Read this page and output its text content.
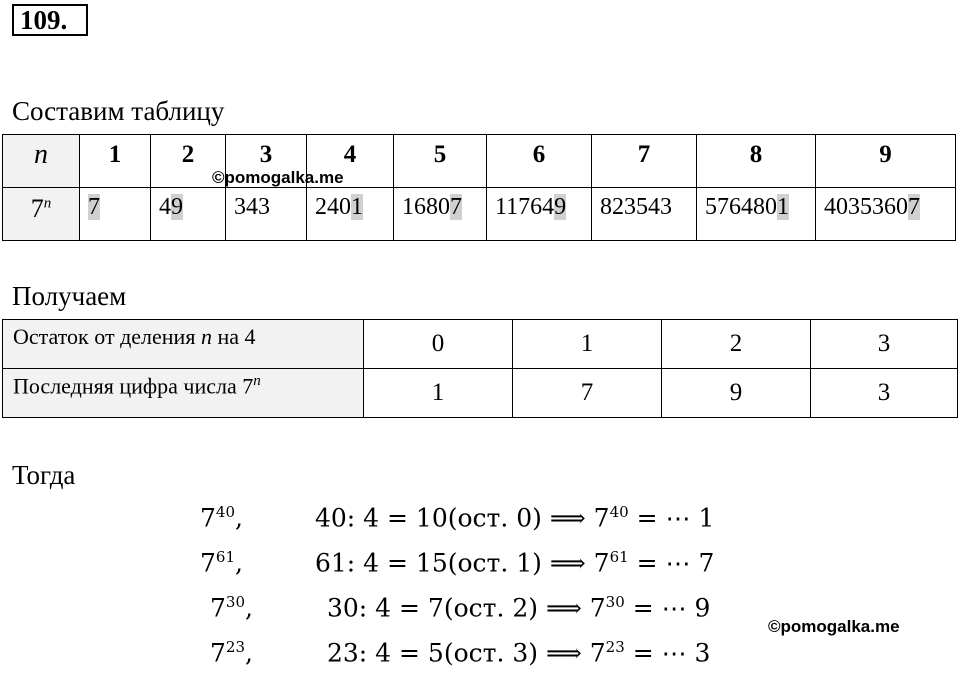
109.
Составим таблицу
n	1	2	3	4	5	6	7	8	9
7$^n$	7	49	343	2401	16807	117649	823543	5764801	40353607
©pomogalka.me
Получаем
Остаток от деления n на 4	0	1	2	3
Последняя цифра числа 7$^n$	1	7	9	3
Тогда
$7^{40}$,	40: 4 = 10(ост. 0) ⟹ $7^{40}$ = ⋯ 1
$7^{61}$,	61: 4 = 15(ост. 1) ⟹ $7^{61}$ = ⋯ 7
$7^{30}$,	30: 4 = 7(ост. 2) ⟹ $7^{30}$ = ⋯ 9
$7^{23}$,	23: 4 = 5(ост. 3) ⟹ $7^{23}$ = ⋯ 3
©pomogalka.me
